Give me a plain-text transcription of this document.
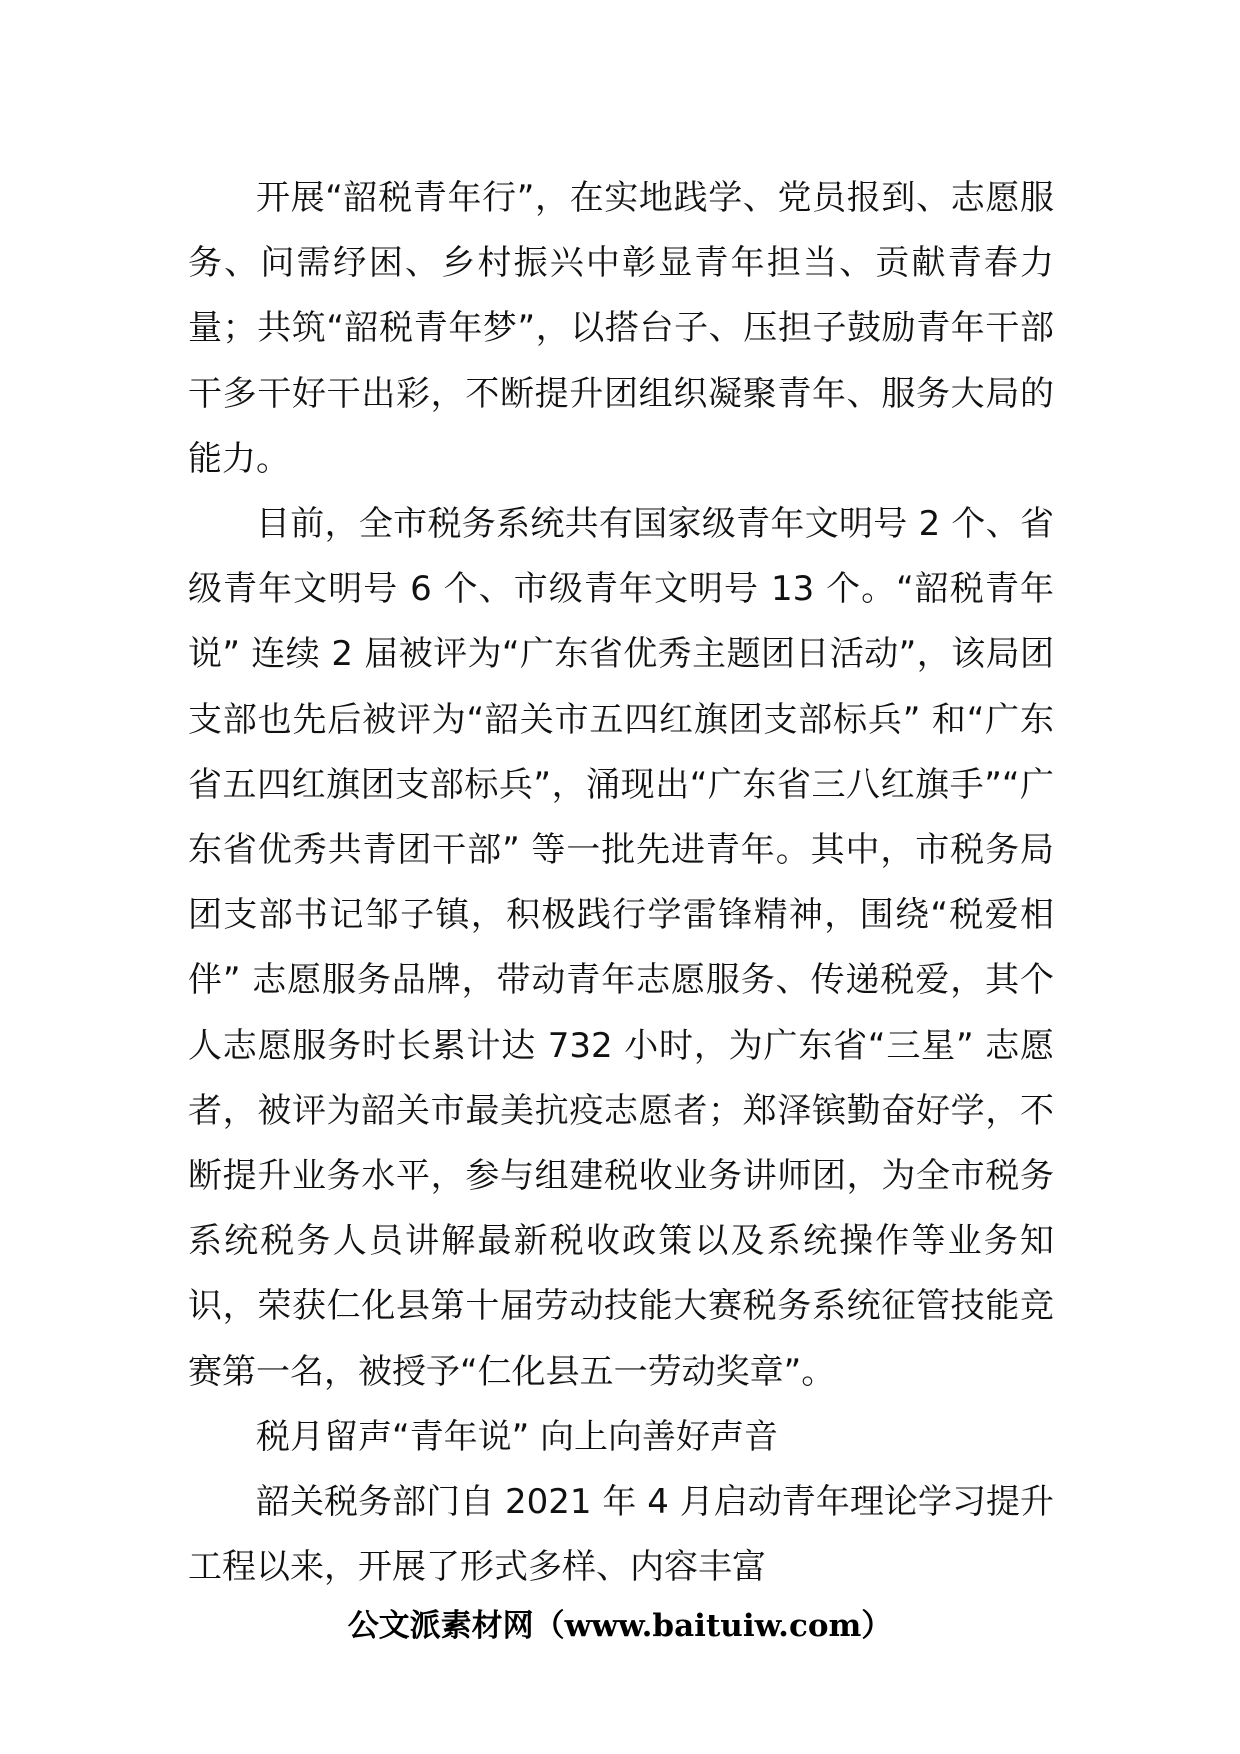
开展“韶税青年行”，在实地践学、党员报到、志愿服务、问需纾困、乡村振兴中彰显青年担当、贡献青春力量；共筑“韶税青年梦”，以搭台子、压担子鼓励青年干部干多干好干出彩，不断提升团组织凝聚青年、服务大局的能力。

目前，全市税务系统共有国家级青年文明号 2 个、省级青年文明号 6 个、市级青年文明号 13 个。“韶税青年说” 连续 2 届被评为“广东省优秀主题团日活动”，该局团支部也先后被评为“韶关市五四红旗团支部标兵” 和“广东省五四红旗团支部标兵”，涌现出“广东省三八红旗手”“广东省优秀共青团干部” 等一批先进青年。其中，市税务局团支部书记邹子镇，积极践行学雷锋精神，围绕“税爱相伴” 志愿服务品牌，带动青年志愿服务、传递税爱，其个人志愿服务时长累计达 732 小时，为广东省“三星” 志愿者，被评为韶关市最美抗疫志愿者；郑泽镔勤奋好学，不断提升业务水平，参与组建税收业务讲师团，为全市税务系统税务人员讲解最新税收政策以及系统操作等业务知识，荣获仁化县第十届劳动技能大赛税务系统征管技能竞赛第一名，被授予“仁化县五一劳动奖章”。

税月留声“青年说” 向上向善好声音

韶关税务部门自 2021 年 4 月启动青年理论学习提升工程以来，开展了形式多样、内容丰富

公文派素材网（www.baituiw.com）
